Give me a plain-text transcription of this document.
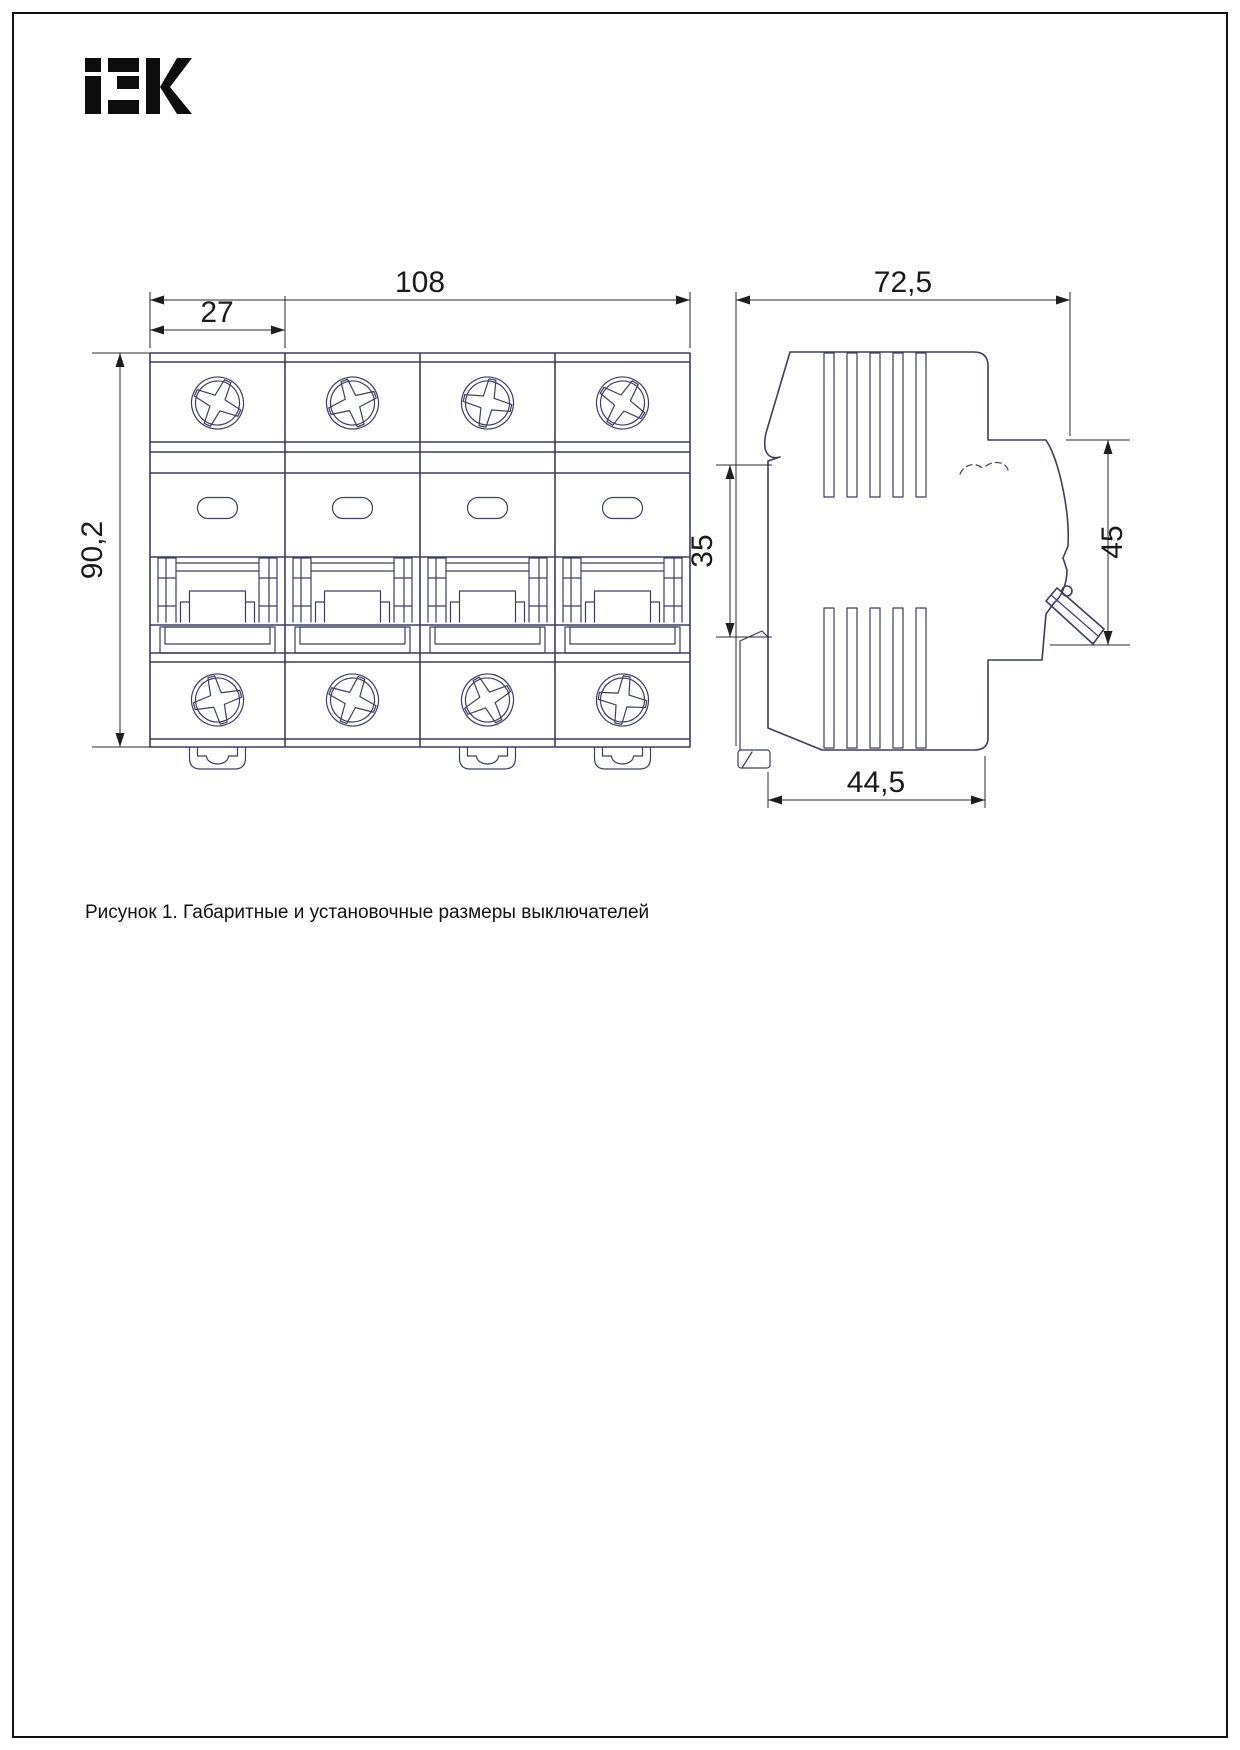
108
27
90,2
72,5
35	45
44,5
Рисунок 1. Габаритные и установочные размеры выключателей
